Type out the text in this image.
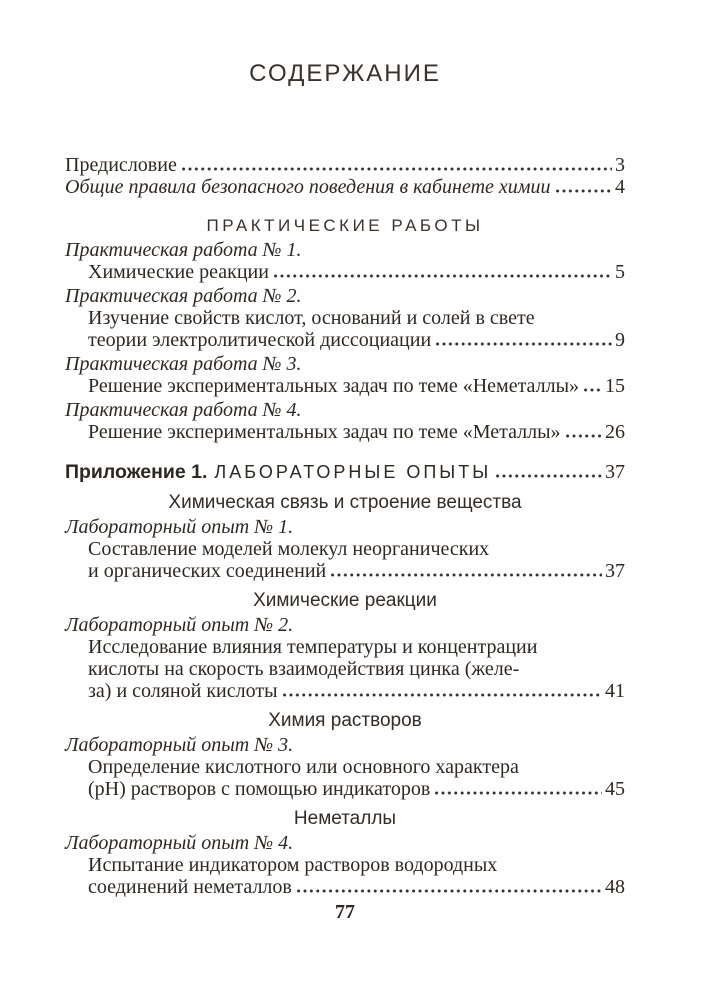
СОДЕРЖАНИЕ
Предисловие	3
Общие правила безопасного поведения в кабинете химии	4
ПРАКТИЧЕСКИЕ РАБОТЫ
Практическая работа № 1.
Химические реакции	5
Практическая работа № 2.
Изучение свойств кислот, оснований и солей в свете
теории электролитической диссоциации	9
Практическая работа № 3.
Решение экспериментальных задач по теме «Неметаллы» 15
Практическая работа № 4.
Решение экспериментальных задач по теме «Металлы» 26
Приложение 1. ЛАБОРАТОРНЫЕ ОПЫТЫ	37
Химическая связь и строение вещества
Лабораторный опыт № 1.
Составление моделей молекул неорганических
и органических соединений	37
Химические реакции
Лабораторный опыт № 2.
Исследование влияния температуры и концентрации
кислоты на скорость взаимодействия цинка (желе-
за) и соляной кислоты	41
Химия растворов
Лабораторный опыт № 3.
Определение кислотного или основного характера
(pH) растворов с помощью индикаторов	45
Неметаллы
Лабораторный опыт № 4.
Испытание индикатором растворов водородных
соединений неметаллов	48
77
